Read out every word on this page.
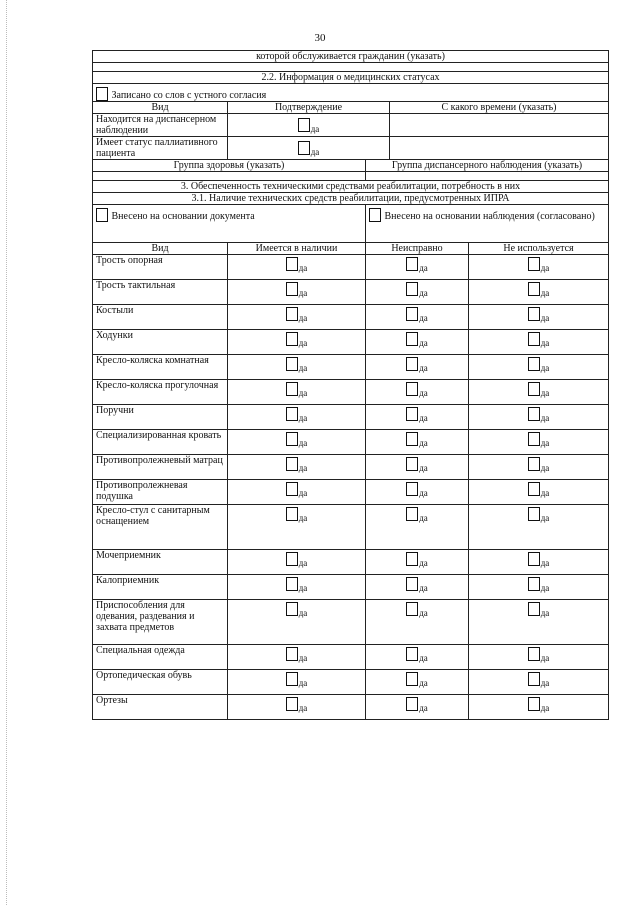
30
которой обслуживается гражданин (указать)				

2.2. Информация о медицинских статусах				
Записано со слов с устного согласия				
Вид	Подтверждение		С какого времени (указать)	
Находится на диспансерном наблюдении	да			
Имеет статус паллиативного пациента	да			
Группа здоровья (указать)		Группа диспансерного наблюдения (указать)		

3. Обеспеченность техническими средствами реабилитации, потребность в них				
3.1. Наличие технических средств реабилитации, предусмотренных ИПРА				
Внесено на основании документа		Внесено на основании наблюдения (согласовано)		
Вид	Имеется в наличии	Неисправно		Не используется
Трость опорная	да	да		да
Трость тактильная	да	да		да
Костыли	да	да		да
Ходунки	да	да		да
Кресло-коляска комнатная	да	да		да
Кресло-коляска прогулочная	да	да		да
Поручни	да	да		да
Специализированная кровать	да	да		да
Противопролежневый матрац	да	да		да
Противопролежневая подушка	да	да		да
Кресло-стул с санитарным оснащением	да	да		да
Мочеприемник	да	да		да
Калоприемник	да	да		да
Приспособления для одевания, раздевания и захвата предметов	да	да		да
Специальная одежда	да	да		да
Ортопедическая обувь	да	да		да
Ортезы	да	да		да
